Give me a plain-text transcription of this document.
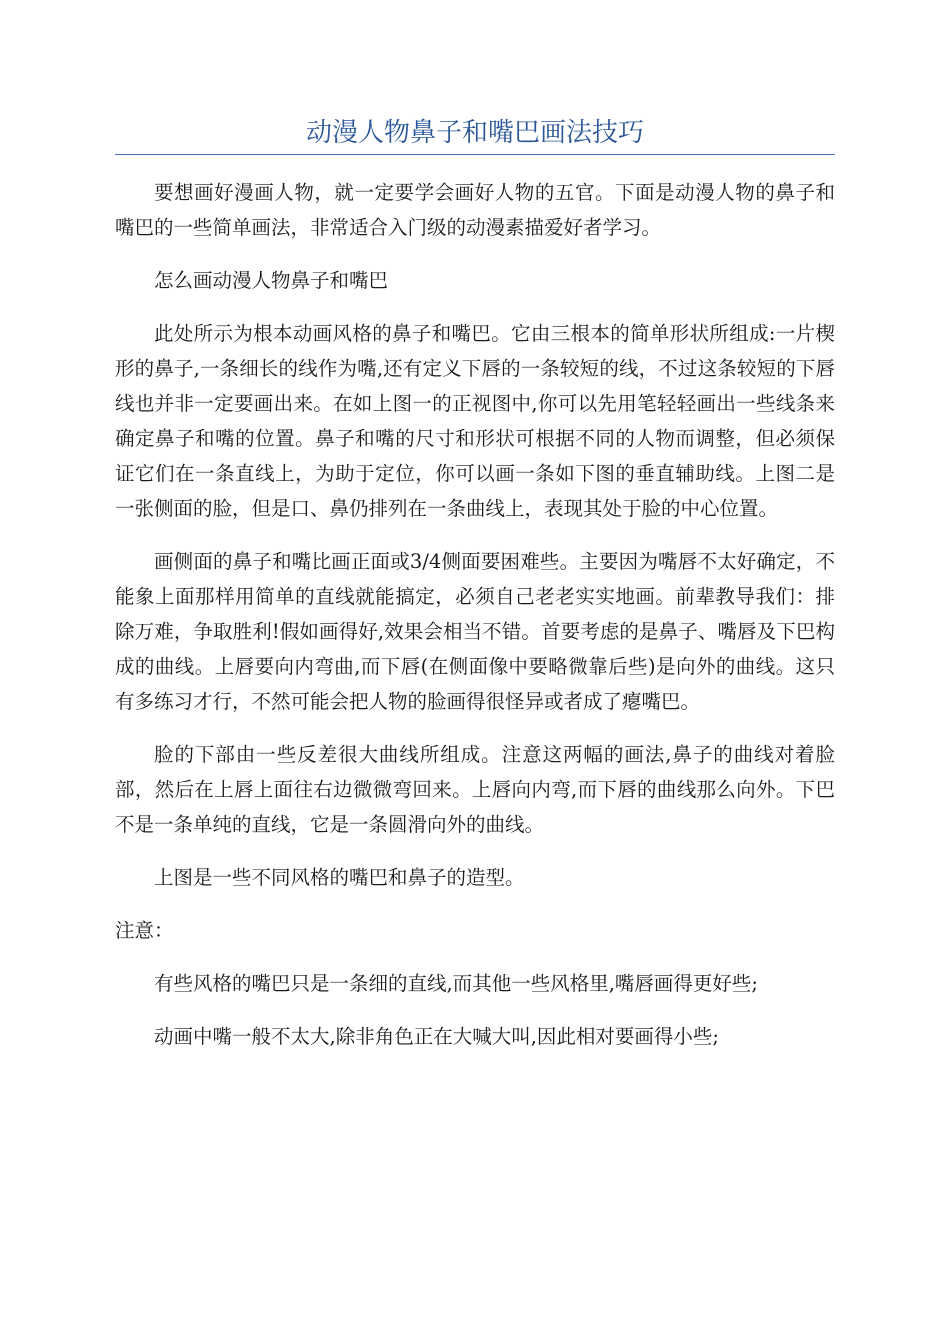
动漫人物鼻子和嘴巴画法技巧

要想画好漫画人物，就一定要学会画好人物的五官。下面是动漫人物的鼻子和嘴巴的一些简单画法，非常适合入门级的动漫素描爱好者学习。

怎么画动漫人物鼻子和嘴巴

此处所示为根本动画风格的鼻子和嘴巴。它由三根本的简单形状所组成:一片楔形的鼻子,一条细长的线作为嘴,还有定义下唇的一条较短的线，不过这条较短的下唇线也并非一定要画出来。在如上图一的正视图中,你可以先用笔轻轻画出一些线条来确定鼻子和嘴的位置。鼻子和嘴的尺寸和形状可根据不同的人物而调整，但必须保证它们在一条直线上，为助于定位，你可以画一条如下图的垂直辅助线。上图二是一张侧面的脸，但是口、鼻仍排列在一条曲线上，表现其处于脸的中心位置。

画侧面的鼻子和嘴比画正面或3/4侧面要困难些。主要因为嘴唇不太好确定，不能象上面那样用简单的直线就能搞定，必须自己老老实实地画。前辈教导我们：排除万难，争取胜利!假如画得好,效果会相当不错。首要考虑的是鼻子、嘴唇及下巴构成的曲线。上唇要向内弯曲,而下唇(在侧面像中要略微靠后些)是向外的曲线。这只有多练习才行，不然可能会把人物的脸画得很怪异或者成了瘪嘴巴。

脸的下部由一些反差很大曲线所组成。注意这两幅的画法,鼻子的曲线对着脸部，然后在上唇上面往右边微微弯回来。上唇向内弯,而下唇的曲线那么向外。下巴不是一条单纯的直线，它是一条圆滑向外的曲线。

上图是一些不同风格的嘴巴和鼻子的造型。

注意：

有些风格的嘴巴只是一条细的直线,而其他一些风格里,嘴唇画得更好些;

动画中嘴一般不太大,除非角色正在大喊大叫,因此相对要画得小些;
